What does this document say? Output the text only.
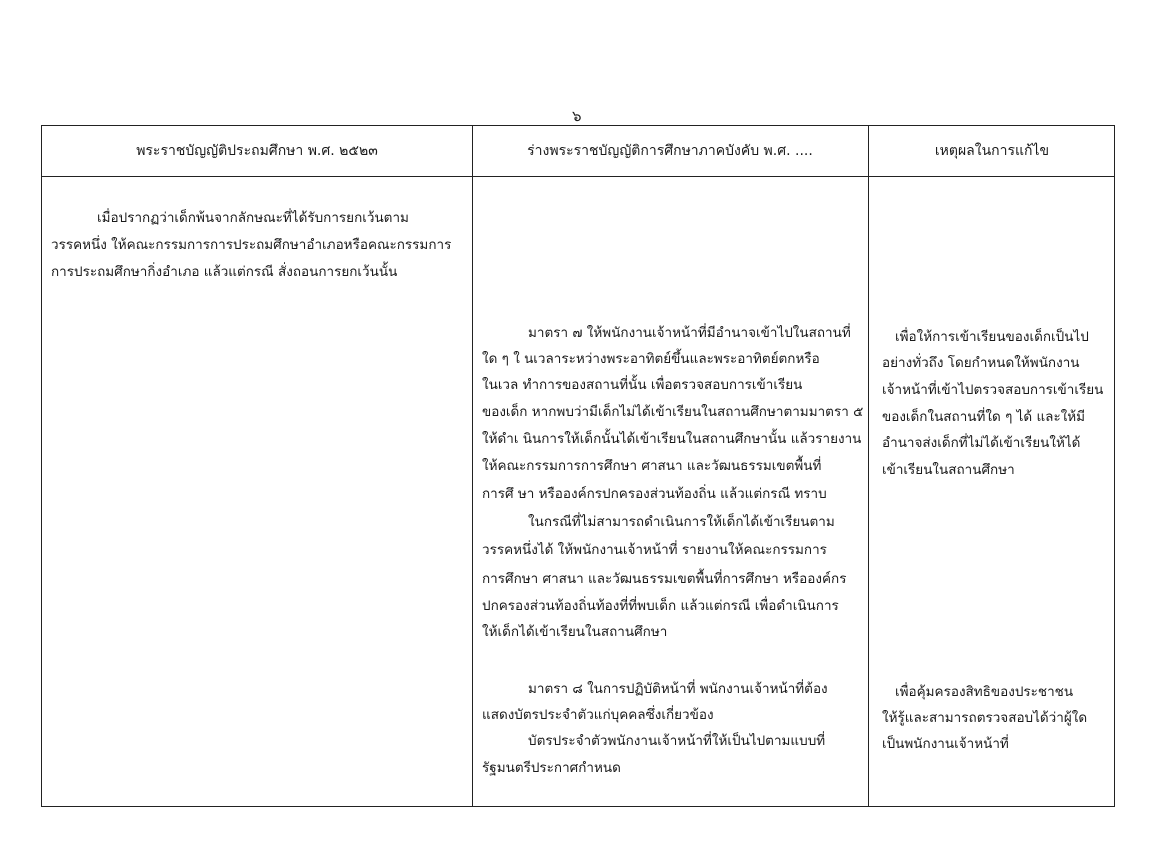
๖
พระราชบัญญัติประถมศึกษา พ.ศ. ๒๕๒๓	ร่างพระราชบัญญัติการศึกษาภาคบังคับ พ.ศ. ....	เหตุผลในการแก้ไข
เมื่อปรากฏว่าเด็กพ้นจากลักษณะที่ได้รับการยกเว้นตาม
วรรคหนึ่ง ให้คณะกรรมการการประถมศึกษาอำเภอหรือคณะกรรมการ
การประถมศึกษากิ่งอำเภอ แล้วแต่กรณี สั่งถอนการยกเว้นนั้น
มาตรา ๗ ให้พนักงานเจ้าหน้าที่มีอำนาจเข้าไปในสถานที่
ใด ๆ ใ นเวลาระหว่างพระอาทิตย์ขึ้นและพระอาทิตย์ตกหรือ
ในเวล ทำการของสถานที่นั้น เพื่อตรวจสอบการเข้าเรียน
ของเด็ก หากพบว่ามีเด็กไม่ได้เข้าเรียนในสถานศึกษาตามมาตรา ๕
ให้ดำเ นินการให้เด็กนั้นได้เข้าเรียนในสถานศึกษานั้น แล้วรายงาน
ให้คณะกรรมการการศึกษา ศาสนา และวัฒนธรรมเขตพื้นที่
การศึ ษา หรือองค์กรปกครองส่วนท้องถิ่น แล้วแต่กรณี ทราบ
ในกรณีที่ไม่สามารถดำเนินการให้เด็กได้เข้าเรียนตาม
วรรคหนึ่งได้ ให้พนักงานเจ้าหน้าที่ รายงานให้คณะกรรมการ
การศึกษา ศาสนา และวัฒนธรรมเขตพื้นที่การศึกษา หรือองค์กร
ปกครองส่วนท้องถิ่นท้องที่ที่พบเด็ก แล้วแต่กรณี เพื่อดำเนินการ
ให้เด็กได้เข้าเรียนในสถานศึกษา
มาตรา ๘ ในการปฏิบัติหน้าที่ พนักงานเจ้าหน้าที่ต้อง
แสดงบัตรประจำตัวแก่บุคคลซึ่งเกี่ยวข้อง
บัตรประจำตัวพนักงานเจ้าหน้าที่ให้เป็นไปตามแบบที่
รัฐมนตรีประกาศกำหนด
เพื่อให้การเข้าเรียนของเด็กเป็นไป
อย่างทั่วถึง โดยกำหนดให้พนักงาน
เจ้าหน้าที่เข้าไปตรวจสอบการเข้าเรียน
ของเด็กในสถานที่ใด ๆ ได้ และให้มี
อำนาจส่งเด็กที่ไม่ได้เข้าเรียนให้ได้
เข้าเรียนในสถานศึกษา
เพื่อคุ้มครองสิทธิของประชาชน
ให้รู้และสามารถตรวจสอบได้ว่าผู้ใด
เป็นพนักงานเจ้าหน้าที่
